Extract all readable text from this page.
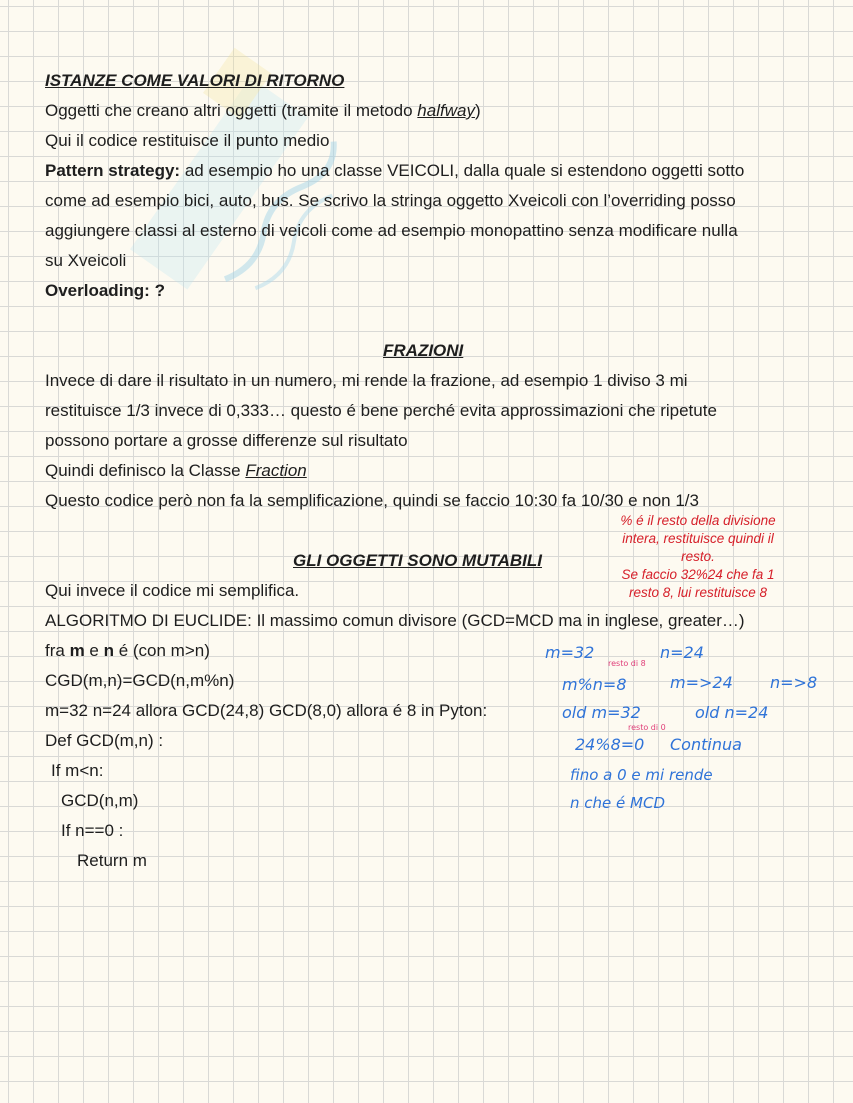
ISTANZE COME VALORI DI RITORNO
Oggetti che creano altri oggetti (tramite il metodo halfway)
Qui il codice restituisce il punto medio
Pattern strategy: ad esempio ho una classe VEICOLI, dalla quale si estendono oggetti sotto
come ad esempio bici, auto, bus. Se scrivo la stringa oggetto Xveicoli con l’overriding posso
aggiungere classi al esterno di veicoli come ad esempio monopattino senza modificare nulla
su Xveicoli
Overloading: ?
FRAZIONI
Invece di dare il risultato in un numero, mi rende la frazione, ad esempio 1 diviso 3 mi
restituisce 1/3 invece di 0,333… questo é bene perché evita approssimazioni che ripetute
possono portare a grosse differenze sul risultato
Quindi definisco la Classe Fraction
Questo codice però non fa la semplificazione, quindi se faccio 10:30 fa 10/30 e non 1/3
% é il resto della divisione
intera, restituisce quindi il
resto.
Se faccio 32%24 che fa 1
resto 8, lui restituisce 8
GLI OGGETTI SONO MUTABILI
Qui invece il codice mi semplifica.
ALGORITMO DI EUCLIDE: Il massimo comun divisore (GCD=MCD ma in inglese, greater…)
fra m e n é (con m>n)
CGD(m,n)=GCD(n,m%n)
m=32 n=24 allora GCD(24,8) GCD(8,0) allora é 8 in Pyton:
Def GCD(m,n) :
If m<n:
GCD(n,m)
If n==0 :
Return m
m=32	n=24
m%n=8	m=>24 n=>8
old m=32	old n=24
24%8=0 Continua
fino a 0 e mi rende
n che é MCD
resto di 8
resto di 0
